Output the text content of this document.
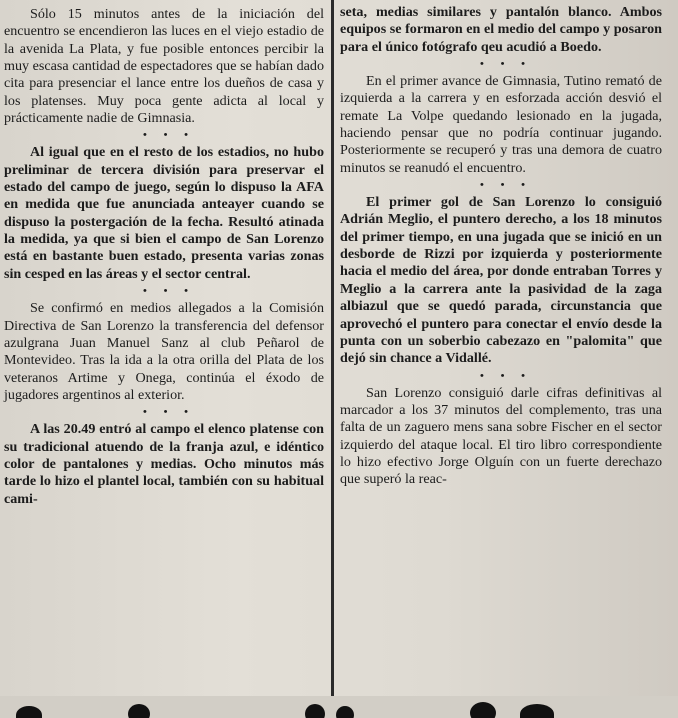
Sólo 15 minutos antes de la iniciación del encuentro se encendieron las luces en el viejo estadio de la avenida La Plata, y fue posible entonces percibir la muy escasa cantidad de espectadores que se habían dado cita para presenciar el lance entre los dueños de casa y los platenses. Muy poca gente adicta al local y prácticamente nadie de Gimnasia.

• • •

Al igual que en el resto de los estadios, no hubo preliminar de tercera división para preservar el estado del campo de juego, según lo dispuso la AFA en medida que fue anunciada anteayer cuando se dispuso la postergación de la fecha. Resultó atinada la medida, ya que si bien el campo de San Lorenzo está en bastante buen estado, presenta varias zonas sin cesped en las áreas y el sector central.

• • •

Se confirmó en medios allegados a la Comisión Directiva de San Lorenzo la transferencia del defensor azulgrana Juan Manuel Sanz al club Peñarol de Montevideo. Tras la ida a la otra orilla del Plata de los veteranos Artime y Onega, continúa el éxodo de jugadores argentinos al exterior.

• • •

A las 20.49 entró al campo el elenco platense con su tradicional atuendo de la franja azul, e idéntico color de pantalones y medias. Ocho minutos más tarde lo hizo el plantel local, también con su habitual cami-

seta, medias similares y pantalón blanco. Ambos equipos se formaron en el medio del campo y posaron para el único fotógrafo qeu acudió a Boedo.

• • •

En el primer avance de Gimnasia, Tutino remató de izquierda a la carrera y en esforzada acción desvió el remate La Volpe quedando lesionado en la jugada, haciendo pensar que no podría continuar jugando. Posteriormente se recuperó y tras una demora de cuatro minutos se reanudó el encuentro.

• • •

El primer gol de San Lorenzo lo consiguió Adrián Meglio, el puntero derecho, a los 18 minutos del primer tiempo, en una jugada que se inició en un desborde de Rizzi por izquierda y posteriormente hacia el medio del área, por donde entraban Torres y Meglio a la carrera ante la pasividad de la zaga albiazul que se quedó parada, circunstancia que aprovechó el puntero para conectar el envío desde la punta con un soberbio cabezazo en "palomita" que dejó sin chance a Vidallé.

• • •

San Lorenzo consiguió darle cifras definitivas al marcador a los 37 minutos del complemento, tras una falta de un zaguero mens sana sobre Fischer en el sector izquierdo del ataque local. El tiro libro correspondiente lo hizo efectivo Jorge Olguín con un fuerte derechazo que superó la reac-
